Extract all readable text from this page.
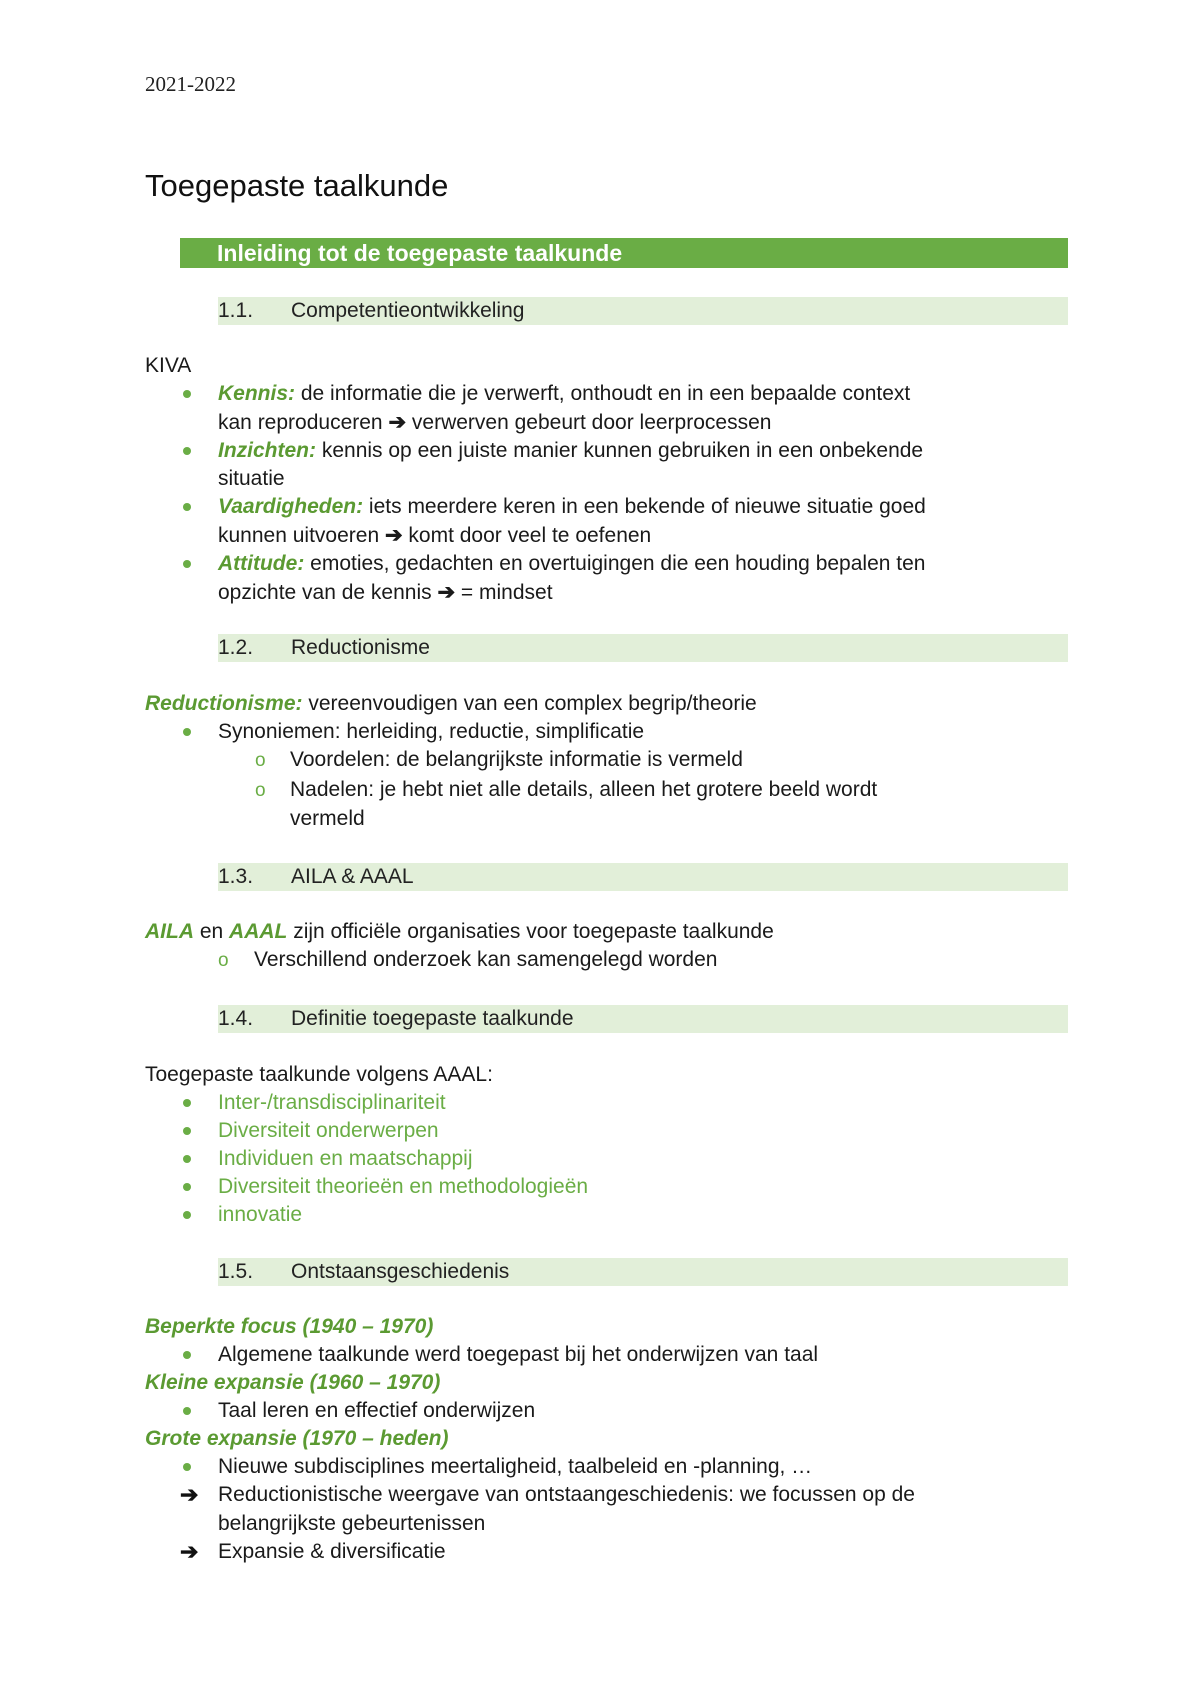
2021-2022
Toegepaste taalkunde
Inleiding tot de toegepaste taalkunde
1.1. Competentieontwikkeling
KIVA
Kennis: de informatie die je verwerft, onthoudt en in een bepaalde context
kan reproduceren ➔ verwerven gebeurt door leerprocessen
Inzichten: kennis op een juiste manier kunnen gebruiken in een onbekende
situatie
Vaardigheden: iets meerdere keren in een bekende of nieuwe situatie goed
kunnen uitvoeren ➔ komt door veel te oefenen
Attitude: emoties, gedachten en overtuigingen die een houding bepalen ten
opzichte van de kennis ➔ = mindset
1.2. Reductionisme
Reductionisme: vereenvoudigen van een complex begrip/theorie
Synoniemen: herleiding, reductie, simplificatie
o Voordelen: de belangrijkste informatie is vermeld
o Nadelen: je hebt niet alle details, alleen het grotere beeld wordt
vermeld
1.3. AILA & AAAL
AILA en AAAL zijn officiële organisaties voor toegepaste taalkunde
o Verschillend onderzoek kan samengelegd worden
1.4. Definitie toegepaste taalkunde
Toegepaste taalkunde volgens AAAL:
Inter-/transdisciplinariteit
Diversiteit onderwerpen
Individuen en maatschappij
Diversiteit theorieën en methodologieën
innovatie
1.5. Ontstaansgeschiedenis
Beperkte focus (1940 – 1970)
Algemene taalkunde werd toegepast bij het onderwijzen van taal
Kleine expansie (1960 – 1970)
Taal leren en effectief onderwijzen
Grote expansie (1970 – heden)
Nieuwe subdisciplines meertaligheid, taalbeleid en -planning, …
➔ Reductionistische weergave van ontstaangeschiedenis: we focussen op de
belangrijkste gebeurtenissen
➔ Expansie & diversificatie
